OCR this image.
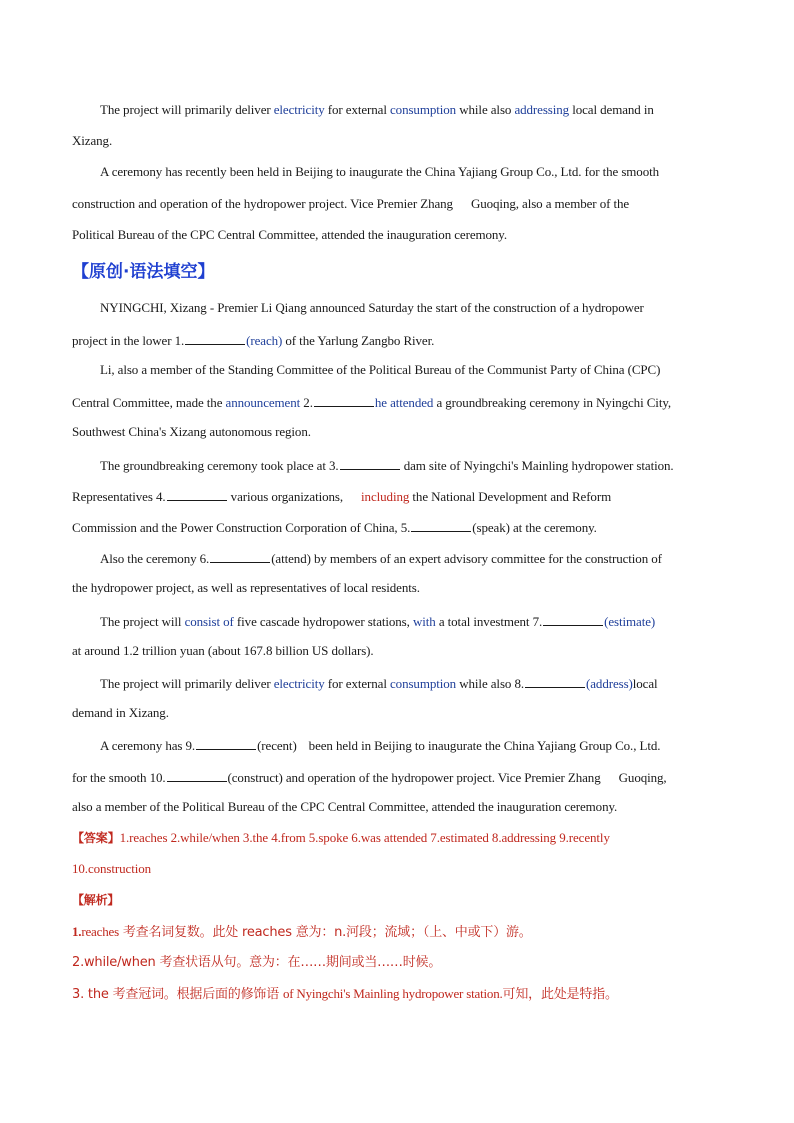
The project will primarily deliver electricity for external consumption while also addressing local demand in
Xizang.
A ceremony has recently been held in Beijing to inaugurate the China Yajiang Group Co., Ltd. for the smooth
construction and operation of the hydropower project. Vice Premier Zhang Guoqing, also a member of the
Political Bureau of the CPC Central Committee, attended the inauguration ceremony.
【原创·语法填空】
NYINGCHI, Xizang - Premier Li Qiang announced Saturday the start of the construction of a hydropower
project in the lower 1.	(reach) of the Yarlung Zangbo River.
Li, also a member of the Standing Committee of the Political Bureau of the Communist Party of China (CPC)
Central Committee, made the announcement 2.	he attended a groundbreaking ceremony in Nyingchi City,
Southwest China's Xizang autonomous region.
The groundbreaking ceremony took place at 3.	dam site of Nyingchi's Mainling hydropower station.
Representatives 4.	various organizations, including the National Development and Reform
Commission and the Power Construction Corporation of China, 5.	(speak) at the ceremony.
Also the ceremony 6.	(attend) by members of an expert advisory committee for the construction of
the hydropower project, as well as representatives of local residents.
The project will consist of five cascade hydropower stations, with a total investment 7.	(estimate)
at around 1.2 trillion yuan (about 167.8 billion US dollars).
The project will primarily deliver electricity for external consumption while also 8.	(address)local
demand in Xizang.
A ceremony has 9.	(recent) been held in Beijing to inaugurate the China Yajiang Group Co., Ltd.
for the smooth 10.	(construct) and operation of the hydropower project. Vice Premier Zhang Guoqing,
also a member of the Political Bureau of the CPC Central Committee, attended the inauguration ceremony.
【答案】1.reaches 2.while/when 3.the 4.from 5.spoke 6.was attended 7.estimated 8.addressing 9.recently
10.construction
【解析】
1.reaches 考查名词复数。此处 reaches 意为：n.河段；流域；（上、中或下）游。
2.while/when 考查状语从句。意为：在……期间或当……时候。
3. the 考查冠词。根据后面的修饰语 of Nyingchi's Mainling hydropower station.可知，此处是特指。
